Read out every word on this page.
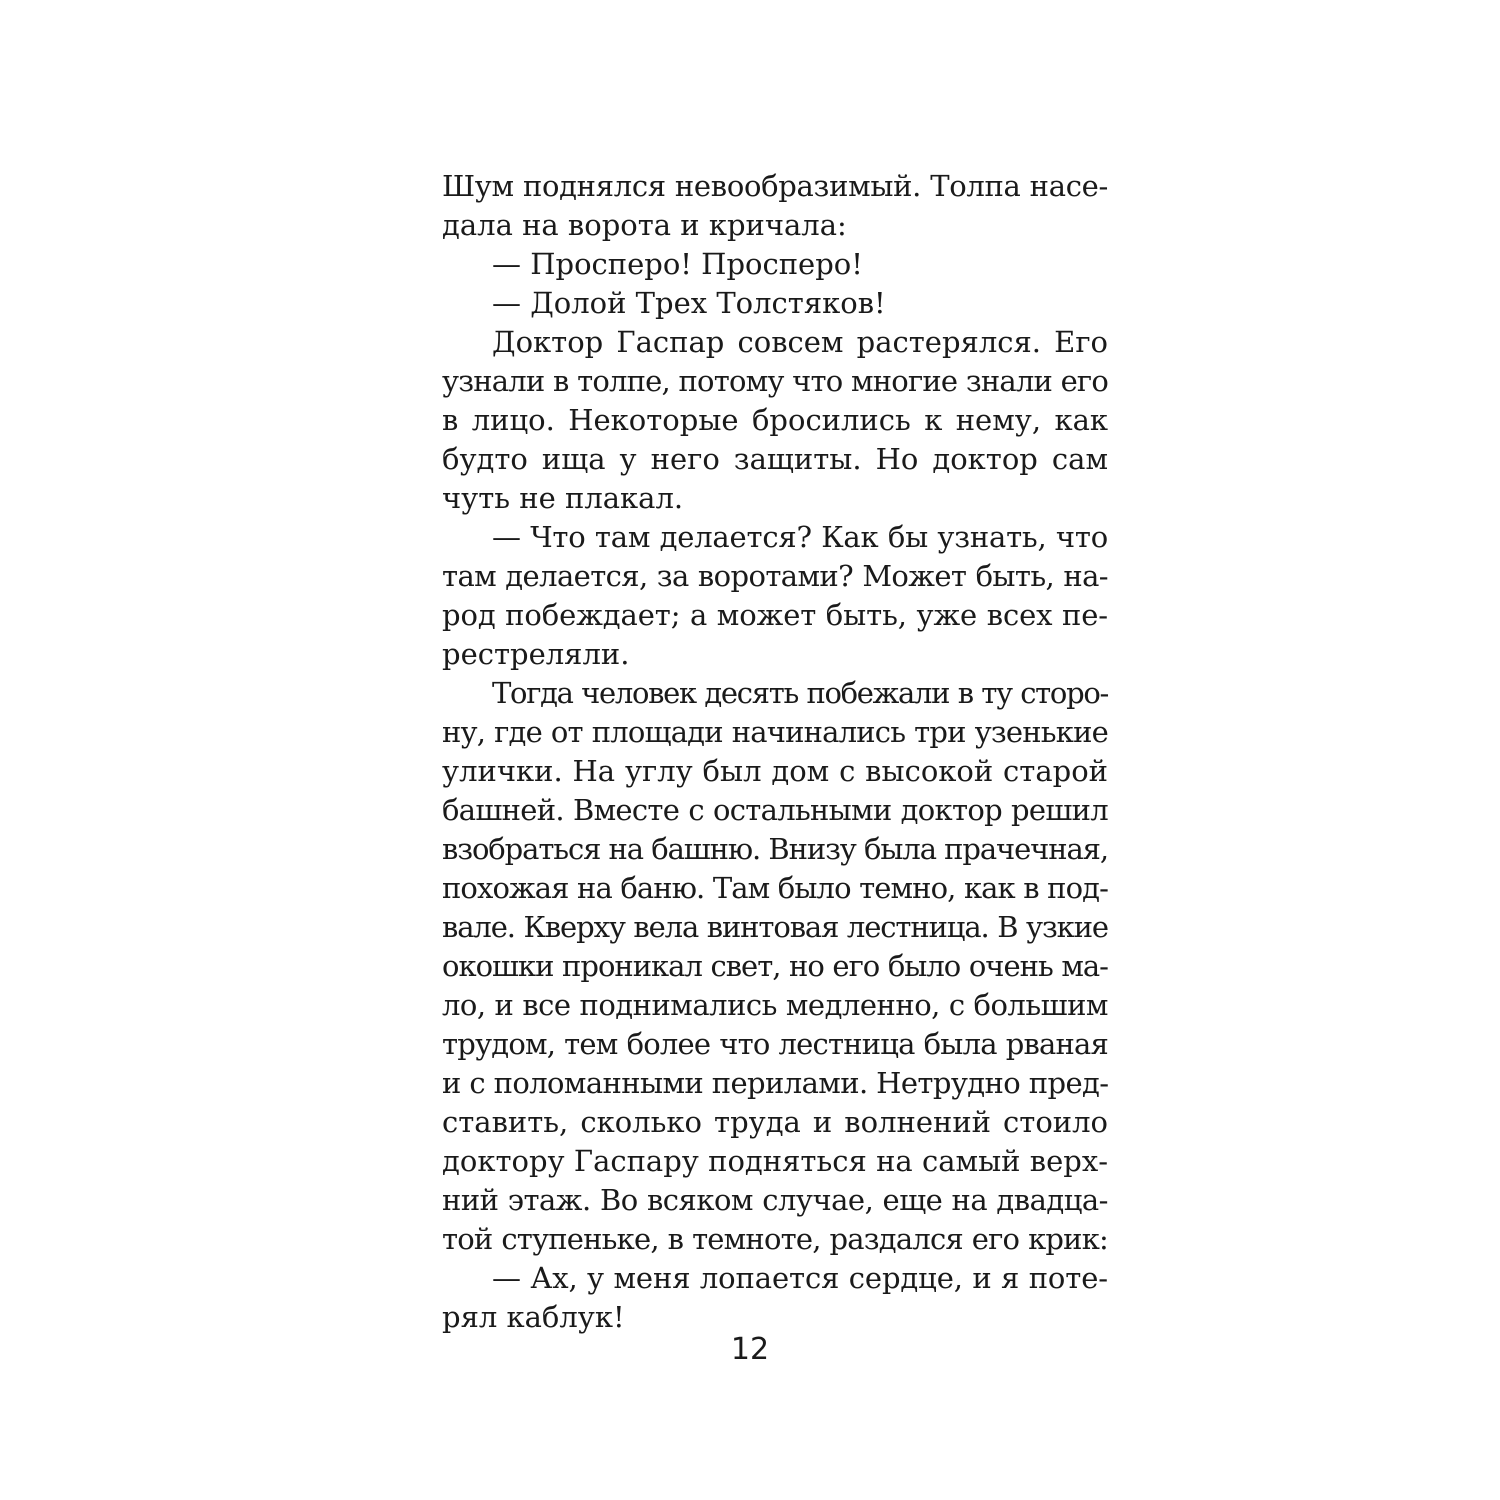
Шум поднялся невообразимый. Толпа насе-
дала на ворота и кричала:
— Просперо! Просперо!
— Долой Трех Толстяков!
Доктор Гаспар совсем растерялся. Его
узнали в толпе, потому что многие знали его
в лицо. Некоторые бросились к нему, как
будто ища у него защиты. Но доктор сам
чуть не плакал.
— Что там делается? Как бы узнать, что
там делается, за воротами? Может быть, на-
род побеждает; а может быть, уже всех пе-
рестреляли.
Тогда человек десять побежали в ту сторо-
ну, где от площади начинались три узенькие
улички. На углу был дом с высокой старой
башней. Вместе с остальными доктор решил
взобраться на башню. Внизу была прачечная,
похожая на баню. Там было темно, как в под-
вале. Кверху вела винтовая лестница. В узкие
окошки проникал свет, но его было очень ма-
ло, и все поднимались медленно, с большим
трудом, тем более что лестница была рваная
и с поломанными перилами. Нетрудно пред-
ставить, сколько труда и волнений стоило
доктору Гаспару подняться на самый верх-
ний этаж. Во всяком случае, еще на двадца-
той ступеньке, в темноте, раздался его крик:
— Ах, у меня лопается сердце, и я поте-
рял каблук!
12
